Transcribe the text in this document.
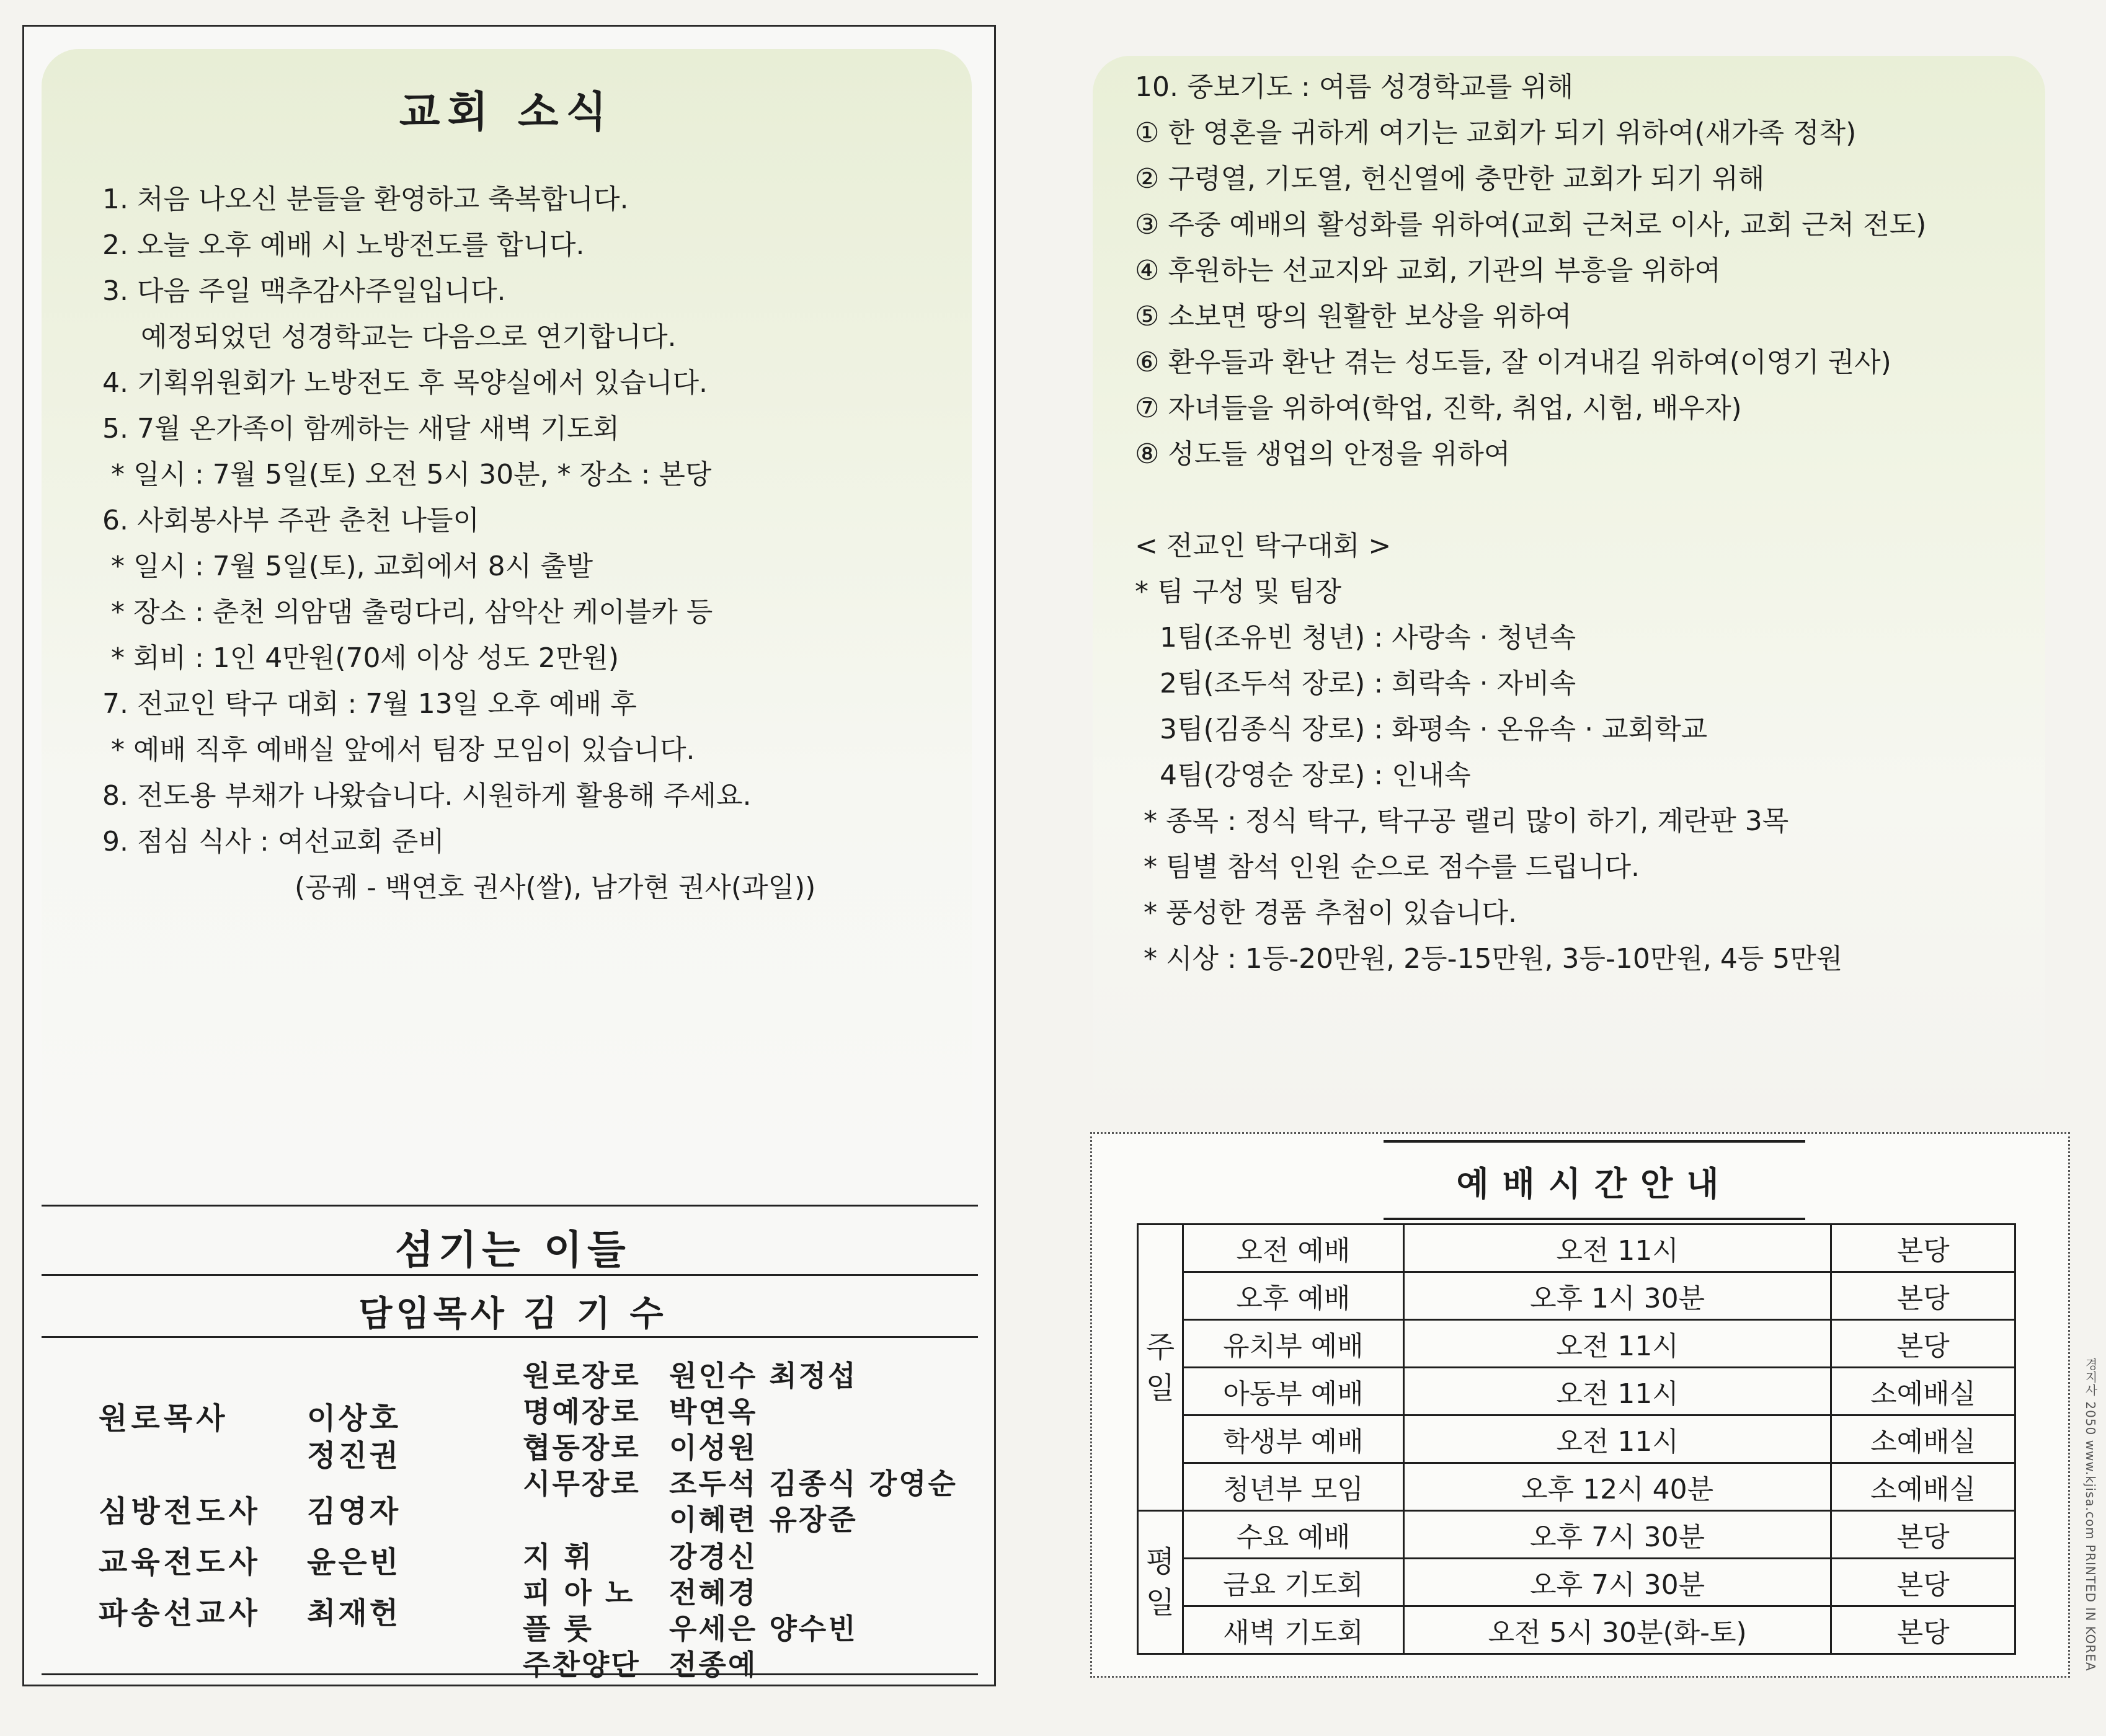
교회 소식
1. 처음 나오신 분들을 환영하고 축복합니다.
2. 오늘 오후 예배 시 노방전도를 합니다.
3. 다음 주일 맥추감사주일입니다.
예정되었던 성경학교는 다음으로 연기합니다.
4. 기획위원회가 노방전도 후 목양실에서 있습니다.
5. 7월 온가족이 함께하는 새달 새벽 기도회
* 일시 : 7월 5일(토) 오전 5시 30분, * 장소 : 본당
6. 사회봉사부 주관 춘천 나들이
* 일시 : 7월 5일(토), 교회에서 8시 출발
* 장소 : 춘천 의암댐 출렁다리, 삼악산 케이블카 등
* 회비 : 1인 4만원(70세 이상 성도 2만원)
7. 전교인 탁구 대회 : 7월 13일 오후 예배 후
* 예배 직후 예배실 앞에서 팀장 모임이 있습니다.
8. 전도용 부채가 나왔습니다. 시원하게 활용해 주세요.
9. 점심 식사 : 여선교회 준비
(공궤 - 백연호 권사(쌀), 남가현 권사(과일))
섬기는 이들
담임목사 김 기 수
원로목사	이상호
정진권
심방전도사 김영자
교육전도사 윤은빈
파송선교사 최재헌
원로장로 원인수 최정섭
명예장로 박연옥
협동장로 이성원
시무장로 조두석 김종식 강영순
이혜련 유장준
지 휘	강경신
피 아 노 전혜경
플 룻	우세은 양수빈
주찬양단 전종예
10. 중보기도 : 여름 성경학교를 위해
① 한 영혼을 귀하게 여기는 교회가 되기 위하여(새가족 정착)
② 구령열, 기도열, 헌신열에 충만한 교회가 되기 위해
③ 주중 예배의 활성화를 위하여(교회 근처로 이사, 교회 근처 전도)
④ 후원하는 선교지와 교회, 기관의 부흥을 위하여
⑤ 소보면 땅의 원활한 보상을 위하여
⑥ 환우들과 환난 겪는 성도들, 잘 이겨내길 위하여(이영기 권사)
⑦ 자녀들을 위하여(학업, 진학, 취업, 시험, 배우자)
⑧ 성도들 생업의 안정을 위하여
< 전교인 탁구대회 >
* 팀 구성 및 팀장
1팀(조유빈 청년) : 사랑속 · 청년속
2팀(조두석 장로) : 희락속 · 자비속
3팀(김종식 장로) : 화평속 · 온유속 · 교회학교
4팀(강영순 장로) : 인내속
* 종목 : 정식 탁구, 탁구공 랠리 많이 하기, 계란판 3목
* 팀별 참석 인원 순으로 점수를 드립니다.
* 풍성한 경품 추첨이 있습니다.
* 시상 : 1등-20만원, 2등-15만원, 3등-10만원, 4등 5만원
예배시간안내
주일	오전 예배	오전 11시	본당
	오후 예배	오후 1시 30분	본당
	유치부 예배	오전 11시	본당
	아동부 예배	오전 11시	소예배실
	학생부 예배	오전 11시	소예배실
	청년부 모임	오후 12시 40분	소예배실
평일	수요 예배	오후 7시 30분	본당
	금요 기도회	오후 7시 30분	본당
	새벽 기도회	오전 5시 30분(화-토)	본당	경지사 2050 www.kjisa.com PRINTED IN KOREA
